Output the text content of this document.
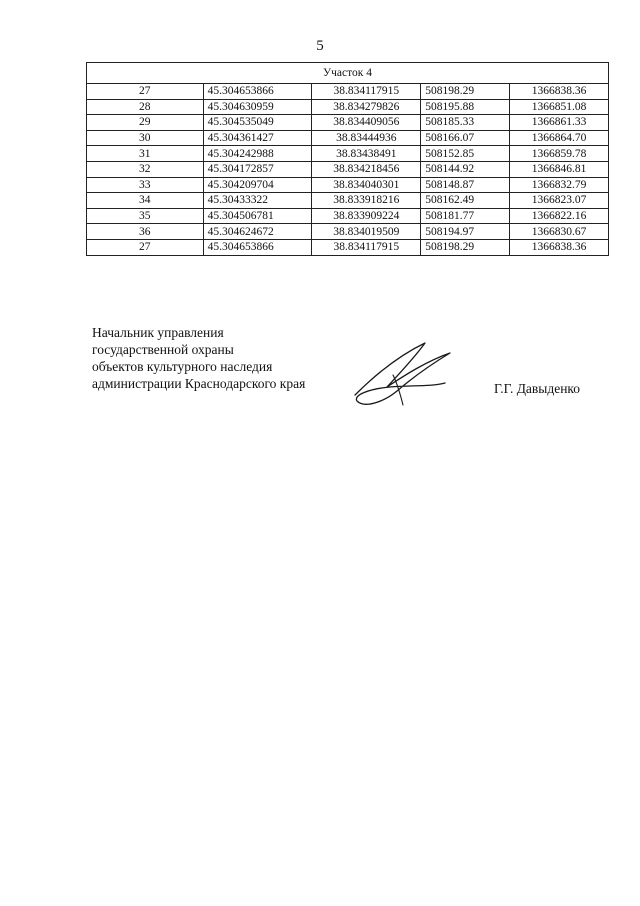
5
Участок 4				
27	45.304653866	38.834117915	508198.29	1366838.36
28	45.304630959	38.834279826	508195.88	1366851.08
29	45.304535049	38.834409056	508185.33	1366861.33
30	45.304361427	38.83444936	508166.07	1366864.70
31	45.304242988	38.83438491	508152.85	1366859.78
32	45.304172857	38.834218456	508144.92	1366846.81
33	45.304209704	38.834040301	508148.87	1366832.79
34	45.30433322	38.833918216	508162.49	1366823.07
35	45.304506781	38.833909224	508181.77	1366822.16
36	45.304624672	38.834019509	508194.97	1366830.67
27	45.304653866	38.834117915	508198.29	1366838.36
Начальник управления
государственной охраны
объектов культурного наследия
администрации Краснодарского края	Г.Г. Давыденко
